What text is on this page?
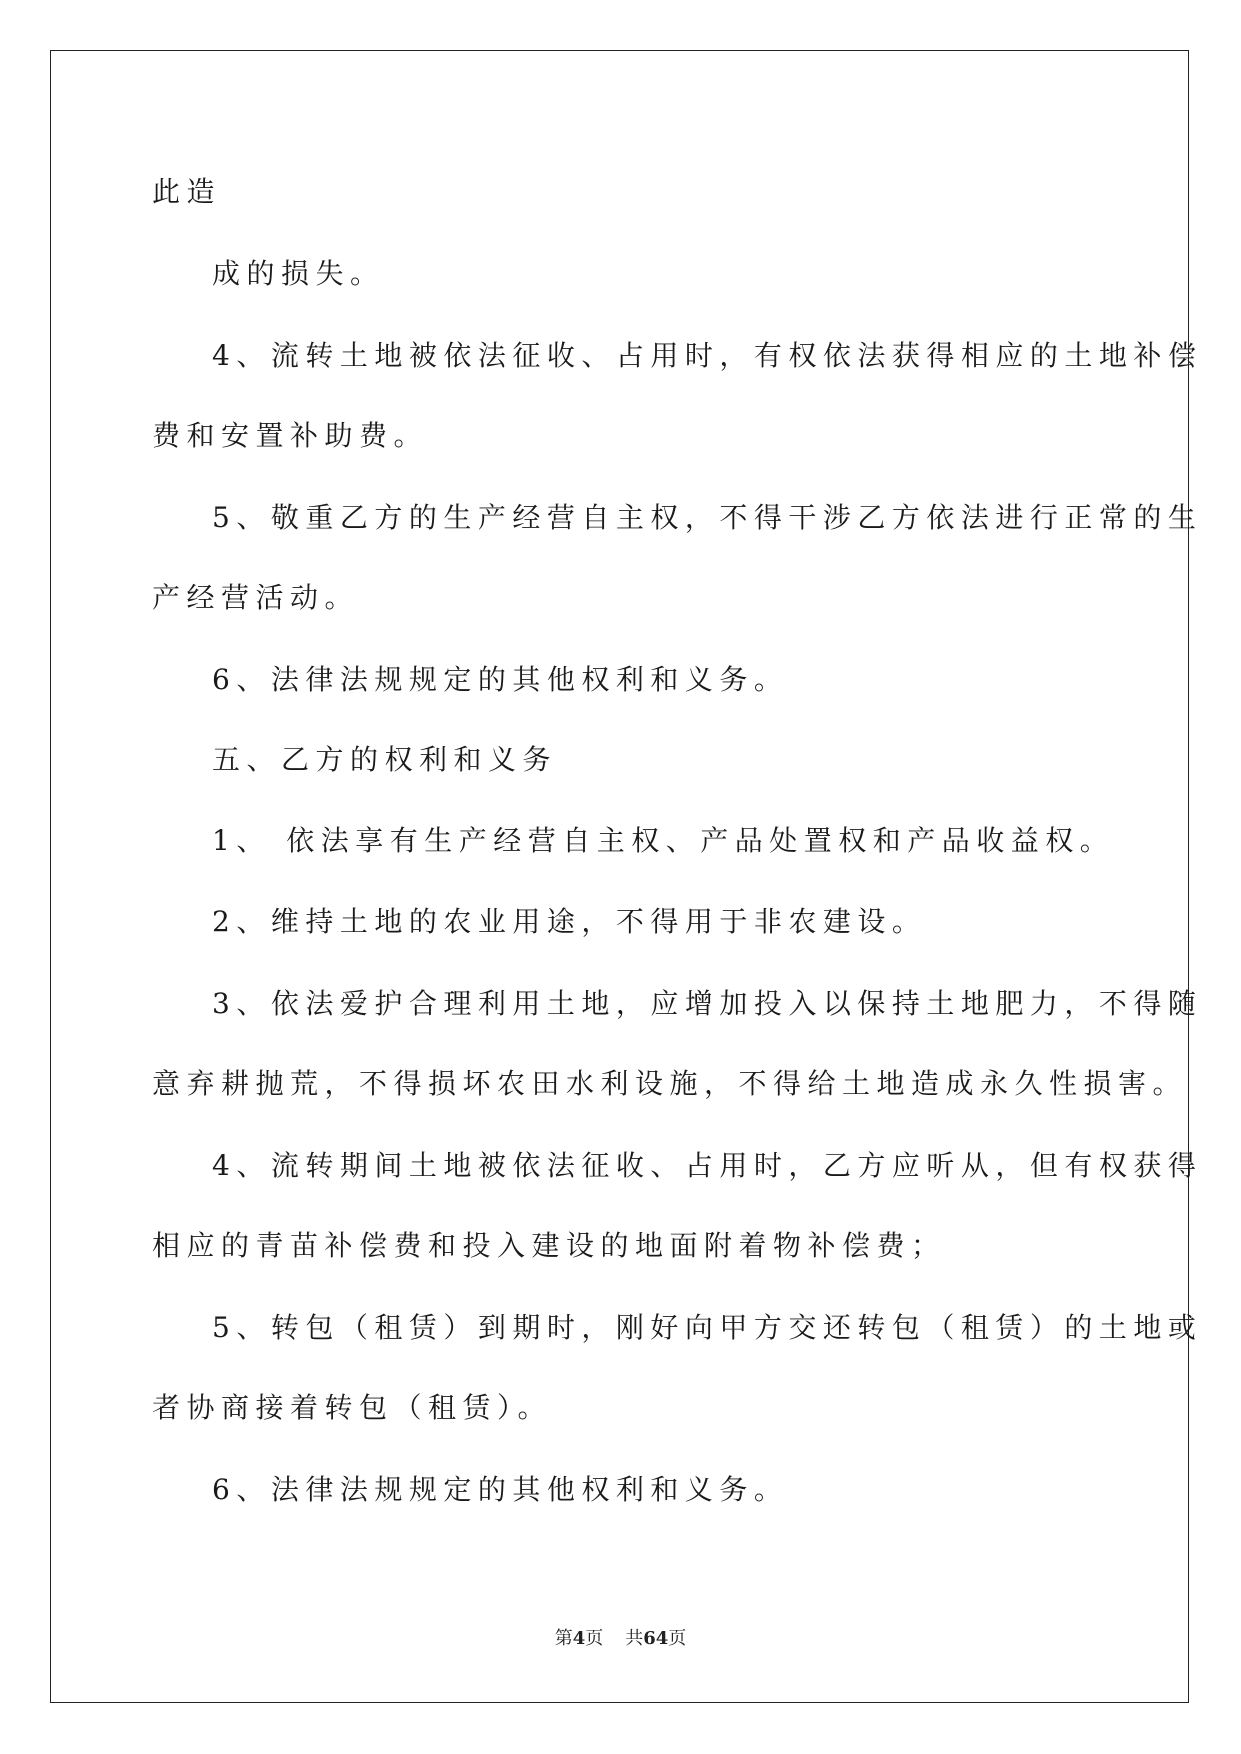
此造

成的损失。

4、流转土地被依法征收、占用时，有权依法获得相应的土地补偿

费和安置补助费。

5、敬重乙方的生产经营自主权，不得干涉乙方依法进行正常的生

产经营活动。

6、法律法规规定的其他权利和义务。

五、乙方的权利和义务

1、 依法享有生产经营自主权、产品处置权和产品收益权。

2、维持土地的农业用途，不得用于非农建设。

3、依法爱护合理利用土地，应增加投入以保持土地肥力，不得随

意弃耕抛荒，不得损坏农田水利设施，不得给土地造成永久性损害。

4、流转期间土地被依法征收、占用时，乙方应听从，但有权获得

相应的青苗补偿费和投入建设的地面附着物补偿费；

5、转包（租赁）到期时，刚好向甲方交还转包（租赁）的土地或

者协商接着转包（租赁）。

6、法律法规规定的其他权利和义务。

第4页 共64页
